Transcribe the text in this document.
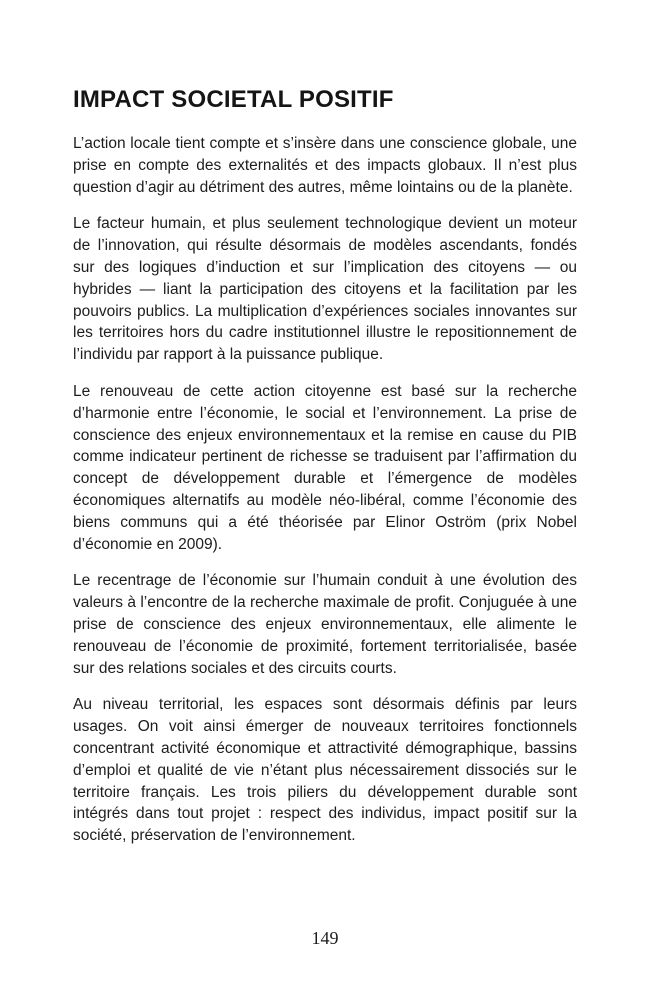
IMPACT SOCIETAL POSITIF

L’action locale tient compte et s’insère dans une conscience globale, une prise en compte des externalités et des impacts globaux. Il n’est plus question d’agir au détriment des autres, même lointains ou de la planète.

Le facteur humain, et plus seulement technologique devient un moteur de l’innovation, qui résulte désormais de modèles ascendants, fondés sur des logiques d’induction et sur l’implication des citoyens — ou hybrides — liant la participation des citoyens et la facilitation par les pouvoirs publics. La multiplication d’expériences sociales innovantes sur les territoires hors du cadre institutionnel illustre le repositionnement de l’individu par rapport à la puissance publique.

Le renouveau de cette action citoyenne est basé sur la recherche d’harmonie entre l’économie, le social et l’environnement. La prise de conscience des enjeux environnementaux et la remise en cause du PIB comme indicateur pertinent de richesse se traduisent par l’affirmation du concept de développement durable et l’émergence de modèles économiques alternatifs au modèle néo-libéral, comme l’économie des biens communs qui a été théorisée par Elinor Oström (prix Nobel d’économie en 2009).

Le recentrage de l’économie sur l’humain conduit à une évolution des valeurs à l’encontre de la recherche maximale de profit. Conjuguée à une prise de conscience des enjeux environnementaux, elle alimente le renouveau de l’économie de proximité, fortement territorialisée, basée sur des relations sociales et des circuits courts.

Au niveau territorial, les espaces sont désormais définis par leurs usages. On voit ainsi émerger de nouveaux territoires fonctionnels concentrant activité économique et attractivité démographique, bassins d’emploi et qualité de vie n’étant plus nécessairement dissociés sur le territoire français. Les trois piliers du développement durable sont intégrés dans tout projet : respect des individus, impact positif sur la société, préservation de l’environnement.

149
